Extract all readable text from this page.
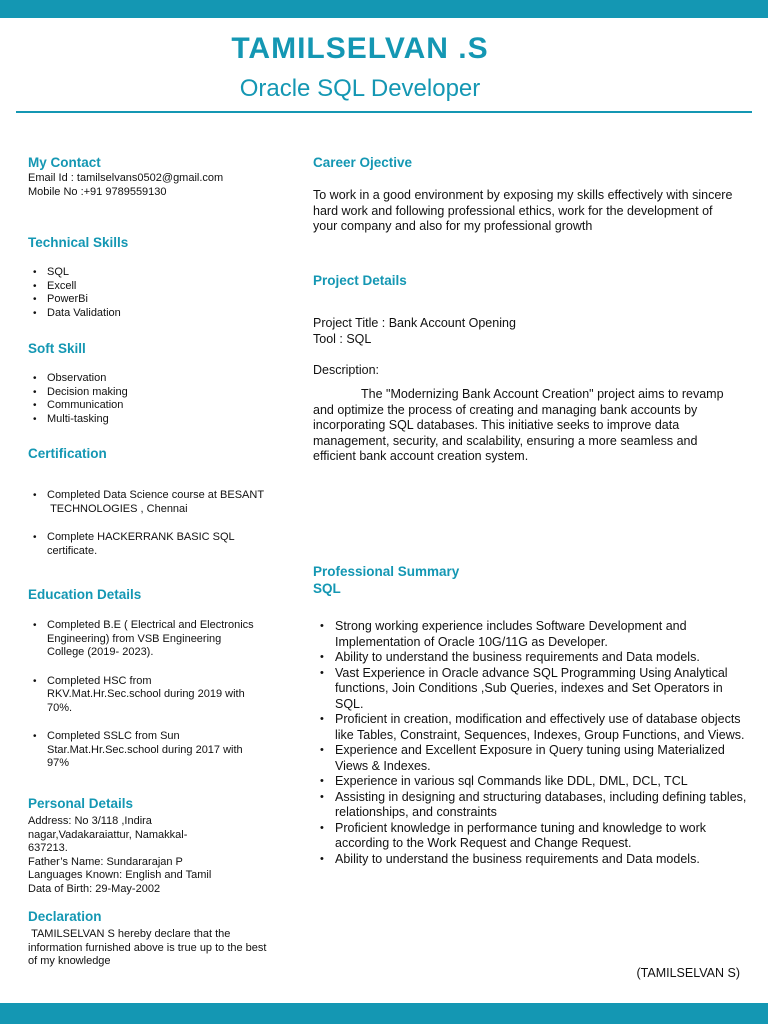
TAMILSELVAN .S
Oracle SQL Developer
My Contact
Email Id : tamilselvans0502@gmail.com
Mobile No :+91 9789559130
Technical Skills
• SQL
• Excell
• PowerBi
• Data Validation
Soft Skill
• Observation
• Decision making
• Communication
• Multi-tasking
Certification
• Completed Data Science course at BESANT
TECHNOLOGIES , Chennai
• Complete HACKERRANK BASIC SQL certificate.
Education Details
• Completed B.E ( Electrical and Electronics Engineering) from VSB Engineering College (2019- 2023).
• Completed HSC from RKV.Mat.Hr.Sec.school during 2019 with 70%.
• Completed SSLC from Sun Star.Mat.Hr.Sec.school during 2017 with 97%
Personal Details
Address: No 3/118 ,Indira nagar,Vadakaraiattur, Namakkal- 637213.
Father’s Name: Sundararajan P
Languages Known: English and Tamil
Data of Birth: 29-May-2002
Declaration
TAMILSELVAN S hereby declare that the information furnished above is true up to the best of my knowledge
Career Ojective
To work in a good environment by exposing my skills effectively with sincere hard work and following professional ethics, work for the development of your company and also for my professional growth
Project Details
Project Title : Bank Account Opening
Tool : SQL
Description:
The "Modernizing Bank Account Creation" project aims to revamp and optimize the process of creating and managing bank accounts by incorporating SQL databases. This initiative seeks to improve data management, security, and scalability, ensuring a more seamless and efficient bank account creation system.
Professional Summary
SQL
• Strong working experience includes Software Development and Implementation of Oracle 10G/11G as Developer.
• Ability to understand the business requirements and Data models.
• Vast Experience in Oracle advance SQL Programming Using Analytical functions, Join Conditions ,Sub Queries, indexes and Set Operators in SQL.
• Proficient in creation, modification and effectively use of database objects like Tables, Constraint, Sequences, Indexes, Group Functions, and Views.
• Experience and Excellent Exposure in Query tuning using Materialized Views & Indexes.
• Experience in various sql Commands like DDL, DML, DCL, TCL
• Assisting in designing and structuring databases, including defining tables, relationships, and constraints
• Proficient knowledge in performance tuning and knowledge to work according to the Work Request and Change Request.
• Ability to understand the business requirements and Data models.
(TAMILSELVAN S)
